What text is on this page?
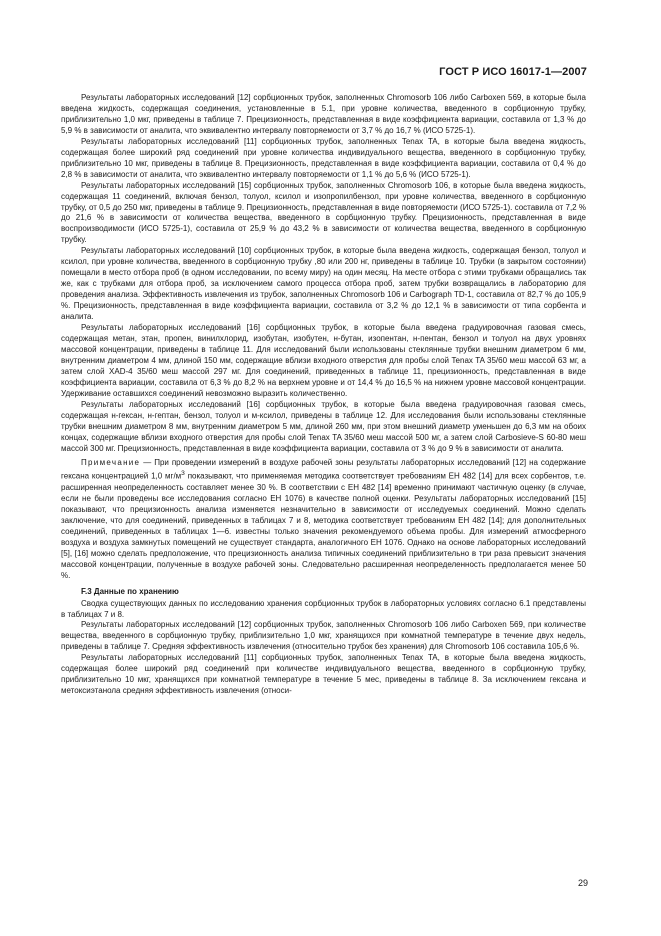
ГОСТ Р ИСО 16017-1—2007

Результаты лабораторных исследований [12] сорбционных трубок, заполненных Chromosorb 106 либо Carboxen 569, в которые была введена жидкость, содержащая соединения, установленные в 5.1, при уровне количества, введенного в сорбционную трубку, приблизительно 1,0 мкг, приведены в таблице 7. Прецизионность, представленная в виде коэффициента вариации, составила от 1,3 % до 5,9 % в зависимости от аналита, что эквивалентно интервалу повторяемости от 3,7 % до 16,7 % (ИСО 5725-1).

Результаты лабораторных исследований [11] сорбционных трубок, заполненных Tenax TA, в которые была введена жидкость, содержащая более широкий ряд соединений при уровне количества индивидуального вещества, введенного в сорбционную трубку, приблизительно 10 мкг, приведены в таблице 8. Прецизионность, представленная в виде коэффициента вариации, составила от 0,4 % до 2,8 % в зависимости от аналита, что эквивалентно интервалу повторяемости от 1,1 % до 5,6 % (ИСО 5725-1).

Результаты лабораторных исследований [15] сорбционных трубок, заполненных Chromosorb 106, в которые была введена жидкость, содержащая 11 соединений, включая бензол, толуол, ксилол и изопропилбензол, при уровне количества, введенного в сорбционную трубку, от 0,5 до 250 мкг, приведены в таблице 9. Прецизионность, представленная в виде повторяемости (ИСО 5725-1). составила от 7,2 % до 21,6 % в зависимости от количества вещества, введенного в сорбционную трубку. Прецизионность, представленная в виде воспроизводимости (ИСО 5725-1), составила от 25,9 % до 43,2 % в зависимости от количества вещества, введенного в сорбционную трубку.

Результаты лабораторных исследований [10] сорбционных трубок, в которые была введена жидкость, содержащая бензол, толуол и ксилол, при уровне количества, введенного в сорбционную трубку ,80 или 200 нг, приведены в таблице 10. Трубки (в закрытом состоянии) помещали в место отбора проб (в одном исследовании, по всему миру) на один месяц. На месте отбора с этими трубками обращались так же, как с трубками для отбора проб, за исключением самого процесса отбора проб, затем трубки возвращались в лабораторию для проведения анализа. Эффективность извлечения из трубок, заполненных Chromosorb 106 и Carbograph TD-1, составила от 82,7 % до 105,9 %. Прецизионность, представленная в виде коэффициента вариации, составила от 3,2 % до 12,1 % в зависимости от типа сорбента и аналита.

Результаты лабораторных исследований [16] сорбционных трубок, в которые была введена градуировочная газовая смесь, содержащая метан, этан, пропен, винилхлорид, изобутан, изобутен, н-бутан, изопентан, н-пентан, бензол и толуол на двух уровнях массовой концентрации, приведены в таблице 11. Для исследований были использованы стеклянные трубки внешним диаметром 6 мм, внутренним диаметром 4 мм, длиной 150 мм, содержащие вблизи входного отверстия для пробы слой Tenax TA 35/60 меш массой 63 мг, а затем слой XAD-4 35/60 меш массой 297 мг. Для соединений, приведенных в таблице 11, прецизионность, представленная в виде коэффициента вариации, составила от 6,3 % до 8,2 % на верхнем уровне и от 14,4 % до 16,5 % на нижнем уровне массовой концентрации. Удерживание оставшихся соединений невозможно выразить количественно.

Результаты лабораторных исследований [16] сорбционных трубок, в которые была введена градуировочная газовая смесь, содержащая н-гексан, н-гептан, бензол, толуол и м-ксилол, приведены в таблице 12. Для исследования были использованы стеклянные трубки внешним диаметром 8 мм, внутренним диаметром 5 мм, длиной 260 мм, при этом внешний диаметр уменьшен до 6,3 мм на обоих концах, содержащие вблизи входного отверстия для пробы слой Tenax TA 35/60 меш массой 500 мг, а затем слой Carbosieve-S 60-80 меш массой 300 мг. Прецизионность, представленная в виде коэффициента вариации, составила от 3 % до 9 % в зависимости от аналита.

Примечание — При проведении измерений в воздухе рабочей зоны результаты лабораторных исследований [12] на содержание гексана концентрацией 1,0 $мг/м^3$ показывают, что применяемая методика соответствует требованиям ЕН 482 [14] для всех сорбентов, т.е. расширенная неопределенность составляет менее 30 %. В соответствии с ЕН 482 [14] временно принимают частичную оценку (в случае, если не были проведены все исследования согласно ЕН 1076) в качестве полной оценки. Результаты лабораторных исследований [15] показывают, что прецизионность анализа изменяется незначительно в зависимости от исследуемых соединений. Можно сделать заключение, что для соединений, приведенных в таблицах 7 и 8, методика соответствует требованиям ЕН 482 [14]; для дополнительных соединений, приведенных в таблицах 1—6. известны только значения рекомендуемого объема пробы. Для измерений атмосферного воздуха и воздуха замкнутых помещений не существует стандарта, аналогичного ЕН 1076. Однако на основе лабораторных исследований [5], [16] можно сделать предположение, что прецизионность анализа типичных соединений приблизительно в три раза превысит значения массовой концентрации, полученные в воздухе рабочей зоны. Следовательно расширенная неопределенность предполагается менее 50 %.

F.3 Данные по хранению

Сводка существующих данных по исследованию хранения сорбционных трубок в лабораторных условиях согласно 6.1 представлены в таблицах 7 и 8.

Результаты лабораторных исследований [12] сорбционных трубок, заполненных Chromosorb 106 либо Carboxen 569, при количестве вещества, введенного в сорбционную трубку, приблизительно 1,0 мкг, хранящихся при комнатной температуре в течение двух недель, приведены в таблице 7. Средняя эффективность извлечения (относительно трубок без хранения) для Chromosorb 106 составила 105,6 %.

Результаты лабораторных исследований [11] сорбционных трубок, заполненных Tenax TA, в которые была введена жидкость, содержащая более широкий ряд соединений при количестве индивидуального вещества, введенного в сорбционную трубку, приблизительно 10 мкг, хранящихся при комнатной температуре в течение 5 мес, приведены в таблице 8. За исключением гексана и метоксиэтанола средняя эффективность извлечения (относи-

29
